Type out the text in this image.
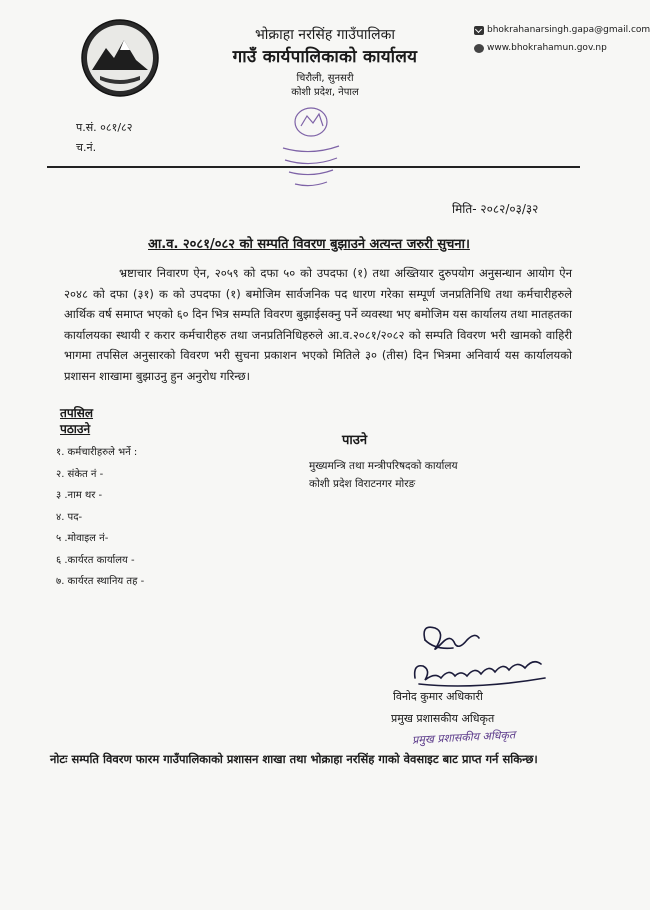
भोक्राहा नरसिंह गाउँपालिका

गाउँ कार्यपालिकाको कार्यालय

चिरौली, सुनसरी

कोशी प्रदेश, नेपाल

bhokrahanarsingh.gapa@gmail.com
www.bhokrahamun.gov.np
प.सं. ०८१/८२
च.नं.
मिति- २०८२/०३/३२
आ.व. २०८१/०८२ को सम्पति विवरण बुझाउने अत्यन्त जरुरी सुचना।

भ्रष्टाचार निवारण ऐन, २०५९ को दफा ५० को उपदफा (१) तथा अख्तियार दुरुपयोग अनुसन्धान आयोग ऐन २०४८ को दफा (३१) क को उपदफा (१) बमोजिम सार्वजनिक पद धारण गरेका सम्पूर्ण जनप्रतिनिधि तथा कर्मचारीहरुले आर्थिक वर्ष समाप्त भएको ६० दिन भित्र सम्पति विवरण बुझाईसक्नु पर्ने व्यवस्था भए बमोजिम यस कार्यालय तथा मातहतका कार्यालयका स्थायी र करार कर्मचारीहरु तथा जनप्रतिनिधिहरुले आ.व.२०८१/२०८२ को सम्पति विवरण भरी खामको वाहिरी भागमा तपसिल अनुसारको विवरण भरी सुचना प्रकाशन भएको मितिले ३० (तीस) दिन भित्रमा अनिवार्य यस कार्यालयको प्रशासन शाखामा बुझाउनु हुन अनुरोध गरिन्छ।

तपसिल
पठाउने
१. कर्मचारीहरुले भर्ने :
२. संकेत नं -
३ .नाम थर -
४. पद-
५ .मोवाइल नं-
६ .कार्यरत कार्यालय -
७. कार्यरत स्थानिय तह -
पाउने
मुख्यमन्त्रि तथा मन्त्रीपरिषदको कार्यालय
कोशी प्रदेश विराटनगर मोरङ
विनोद कुमार अधिकारी
प्रमुख प्रशासकीय अधिकृत
प्रमुख प्रशासकीय अधिकृत

नोटः सम्पति विवरण फारम गाउँपालिकाको प्रशासन शाखा तथा भोक्राहा नरसिंह गाको वेवसाइट बाट प्राप्त गर्न सकिन्छ।
